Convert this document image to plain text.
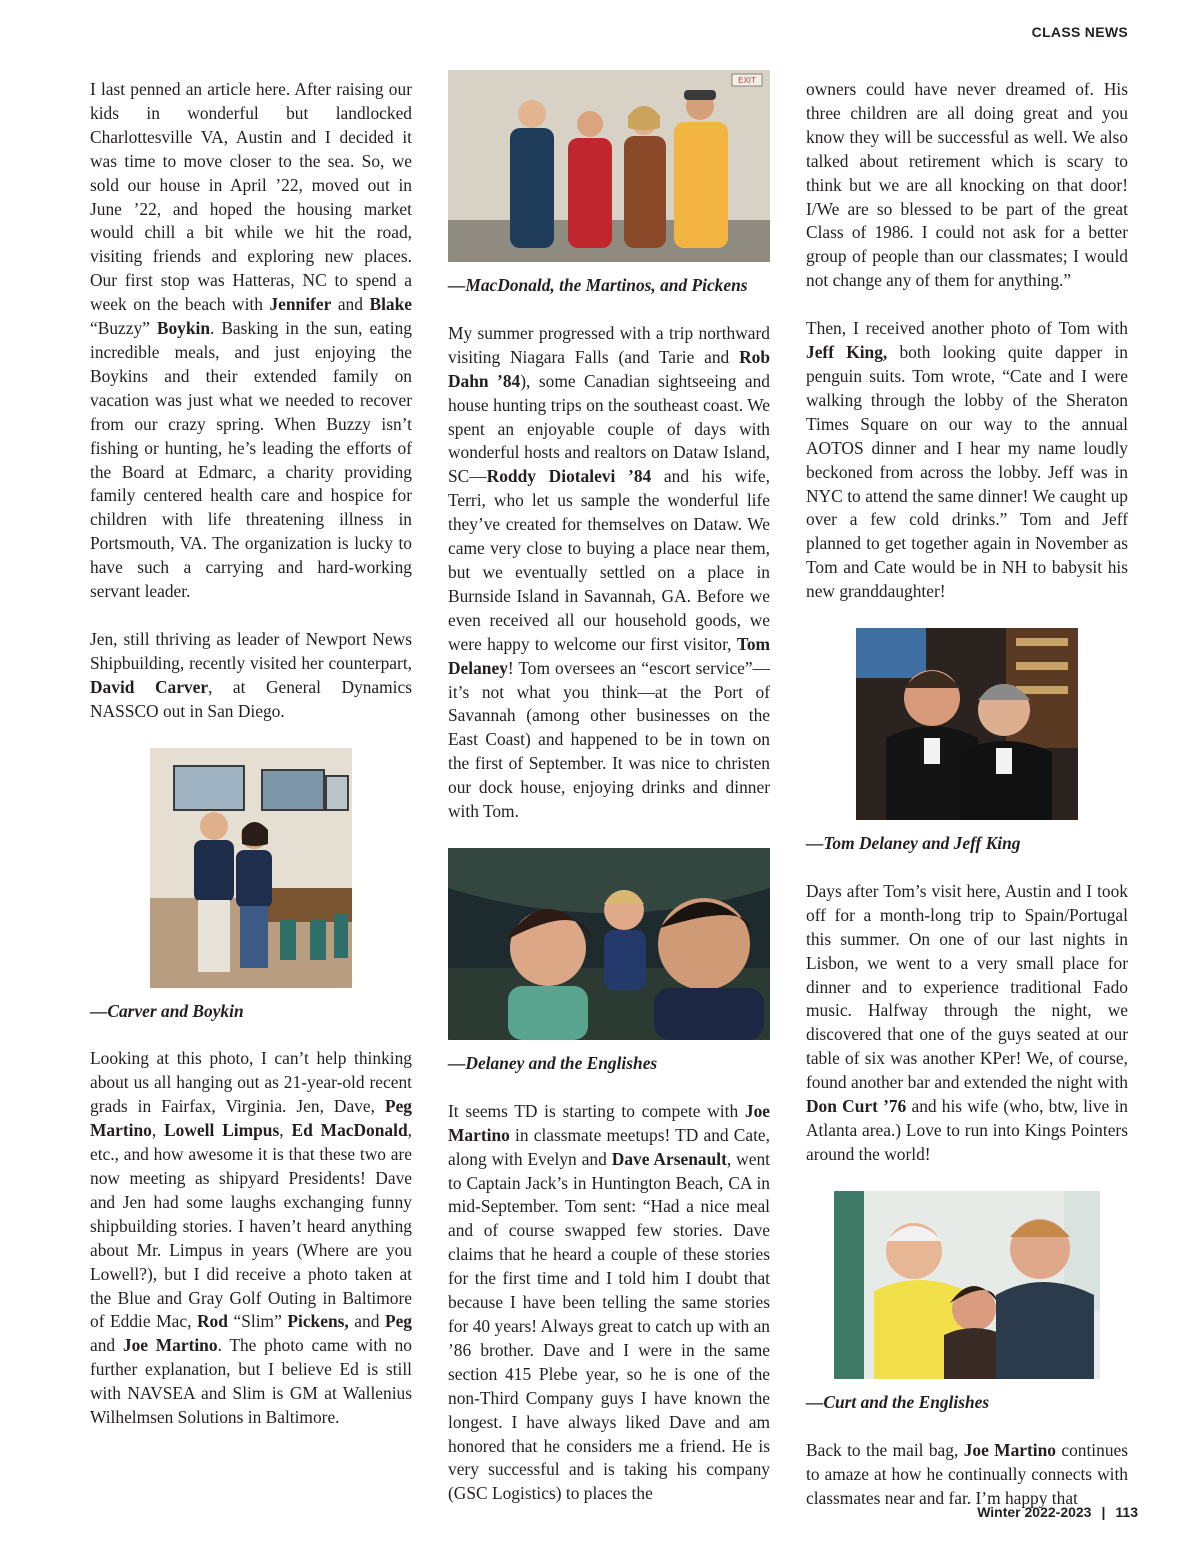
CLASS NEWS

I last penned an article here. After raising our kids in wonderful but landlocked Charlottesville VA, Austin and I decided it was time to move closer to the sea. So, we sold our house in April ’22, moved out in June ’22, and hoped the housing market would chill a bit while we hit the road, visiting friends and exploring new places. Our first stop was Hatteras, NC to spend a week on the beach with Jennifer and Blake “Buzzy” Boykin. Basking in the sun, eating incredible meals, and just enjoying the Boykins and their extended family on vacation was just what we needed to recover from our crazy spring. When Buzzy isn’t fishing or hunting, he’s leading the efforts of the Board at Edmarc, a charity providing family centered health care and hospice for children with life threatening illness in Portsmouth, VA. The organization is lucky to have such a carrying and hard-working servant leader.

Jen, still thriving as leader of Newport News Shipbuilding, recently visited her counterpart, David Carver, at General Dynamics NASSCO out in San Diego.

—Carver and Boykin

Looking at this photo, I can’t help thinking about us all hanging out as 21-year-old recent grads in Fairfax, Virginia. Jen, Dave, Peg Martino, Lowell Limpus, Ed MacDonald, etc., and how awesome it is that these two are now meeting as shipyard Presidents! Dave and Jen had some laughs exchanging funny shipbuilding stories. I haven’t heard anything about Mr. Limpus in years (Where are you Lowell?), but I did receive a photo taken at the Blue and Gray Golf Outing in Baltimore of Eddie Mac, Rod “Slim” Pickens, and Peg and Joe Martino. The photo came with no further explanation, but I believe Ed is still with NAVSEA and Slim is GM at Wallenius Wilhelmsen Solutions in Baltimore.

EXIT
—MacDonald, the Martinos, and Pickens

My summer progressed with a trip northward visiting Niagara Falls (and Tarie and Rob Dahn ’84), some Canadian sightseeing and house hunting trips on the southeast coast. We spent an enjoyable couple of days with wonderful hosts and realtors on Dataw Island, SC—Roddy Diotalevi ’84 and his wife, Terri, who let us sample the wonderful life they’ve created for themselves on Dataw. We came very close to buying a place near them, but we eventually settled on a place in Burnside Island in Savannah, GA. Before we even received all our household goods, we were happy to welcome our first visitor, Tom Delaney! Tom oversees an “escort service”—it’s not what you think—at the Port of Savannah (among other businesses on the East Coast) and happened to be in town on the first of September. It was nice to christen our dock house, enjoying drinks and dinner with Tom.

—Delaney and the Englishes

It seems TD is starting to compete with Joe Martino in classmate meetups! TD and Cate, along with Evelyn and Dave Arsenault, went to Captain Jack’s in Huntington Beach, CA in mid-September. Tom sent: “Had a nice meal and of course swapped few stories. Dave claims that he heard a couple of these stories for the first time and I told him I doubt that because I have been telling the same stories for 40 years! Always great to catch up with an ’86 brother. Dave and I were in the same section 415 Plebe year, so he is one of the non-Third Company guys I have known the longest. I have always liked Dave and am honored that he considers me a friend. He is very successful and is taking his company (GSC Logistics) to places the

owners could have never dreamed of. His three children are all doing great and you know they will be successful as well. We also talked about retirement which is scary to think but we are all knocking on that door! I/We are so blessed to be part of the great Class of 1986. I could not ask for a better group of people than our classmates; I would not change any of them for anything.”

Then, I received another photo of Tom with Jeff King, both looking quite dapper in penguin suits. Tom wrote, “Cate and I were walking through the lobby of the Sheraton Times Square on our way to the annual AOTOS dinner and I hear my name loudly beckoned from across the lobby. Jeff was in NYC to attend the same dinner! We caught up over a few cold drinks.” Tom and Jeff planned to get together again in November as Tom and Cate would be in NH to babysit his new granddaughter!

—Tom Delaney and Jeff King

Days after Tom’s visit here, Austin and I took off for a month-long trip to Spain/Portugal this summer. On one of our last nights in Lisbon, we went to a very small place for dinner and to experience traditional Fado music. Halfway through the night, we discovered that one of the guys seated at our table of six was another KPer! We, of course, found another bar and extended the night with Don Curt ’76 and his wife (who, btw, live in Atlanta area.) Love to run into Kings Pointers around the world!

—Curt and the Englishes

Back to the mail bag, Joe Martino continues to amaze at how he continually connects with classmates near and far. I’m happy that

Winter 2022-2023 | 113
